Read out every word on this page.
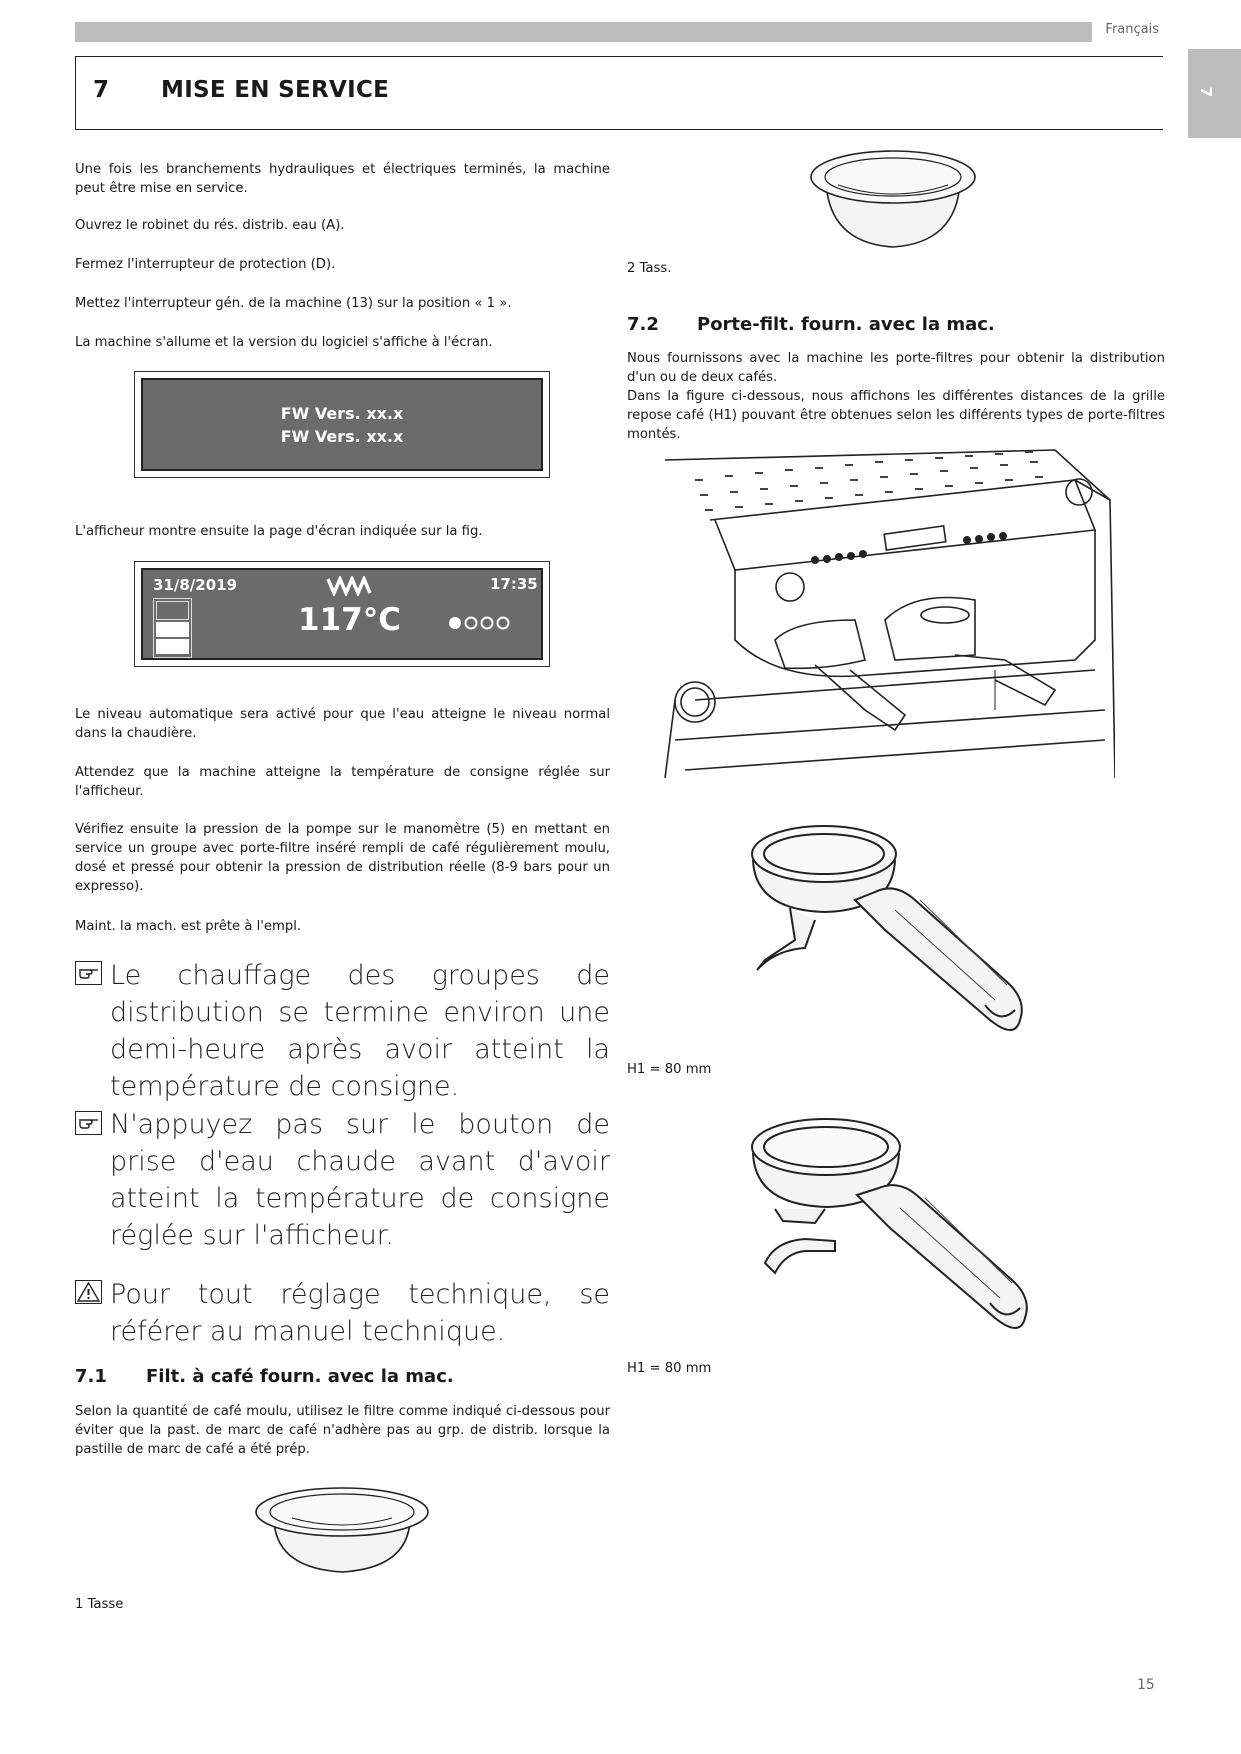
Français
7
7 MISE EN SERVICE
Une fois les branchements hydrauliques et électriques terminés, la machine peut être mise en service.
Ouvrez le robinet du rés. distrib. eau (A).
Fermez l'interrupteur de protection (D).
Mettez l'interrupteur gén. de la machine (13) sur la position « 1 ».
La machine s'allume et la version du logiciel s'affiche à l'écran.
FW Vers. xx.x
FW Vers. xx.x
L'afficheur montre ensuite la page d'écran indiquée sur la fig.
31/8/2019	17:35
117°C
Le niveau automatique sera activé pour que l'eau atteigne le niveau normal dans la chaudière.
Attendez que la machine atteigne la température de consigne réglée sur l'afficheur.
Vérifiez ensuite la pression de la pompe sur le manomètre (5) en mettant en service un groupe avec porte-filtre inséré rempli de café régulièrement moulu, dosé et pressé pour obtenir la pression de distribution réelle (8-9 bars pour un expresso).
Maint. la mach. est prête à l'empl.
Le chauffage des groupes de distribution se termine environ une demi-heure après avoir atteint la température de consigne.
N'appuyez pas sur le bouton de prise d'eau chaude avant d'avoir atteint la température de consigne réglée sur l'afficheur.
Pour tout réglage technique, se référer au manuel technique.
7.1 Filt. à café fourn. avec la mac.
Selon la quantité de café moulu, utilisez le filtre comme indiqué ci-dessous pour éviter que la past. de marc de café n'adhère pas au grp. de distrib. lorsque la pastille de marc de café a été prép.
1 Tasse
2 Tass.
7.2 Porte-filt. fourn. avec la mac.
Nous fournissons avec la machine les porte-filtres pour obtenir la distribution d'un ou de deux cafés.
Dans la figure ci-dessous, nous affichons les différentes distances de la grille repose café (H1) pouvant être obtenues selon les différents types de porte-filtres montés.
H1 = 80 mm
H1 = 80 mm
15
